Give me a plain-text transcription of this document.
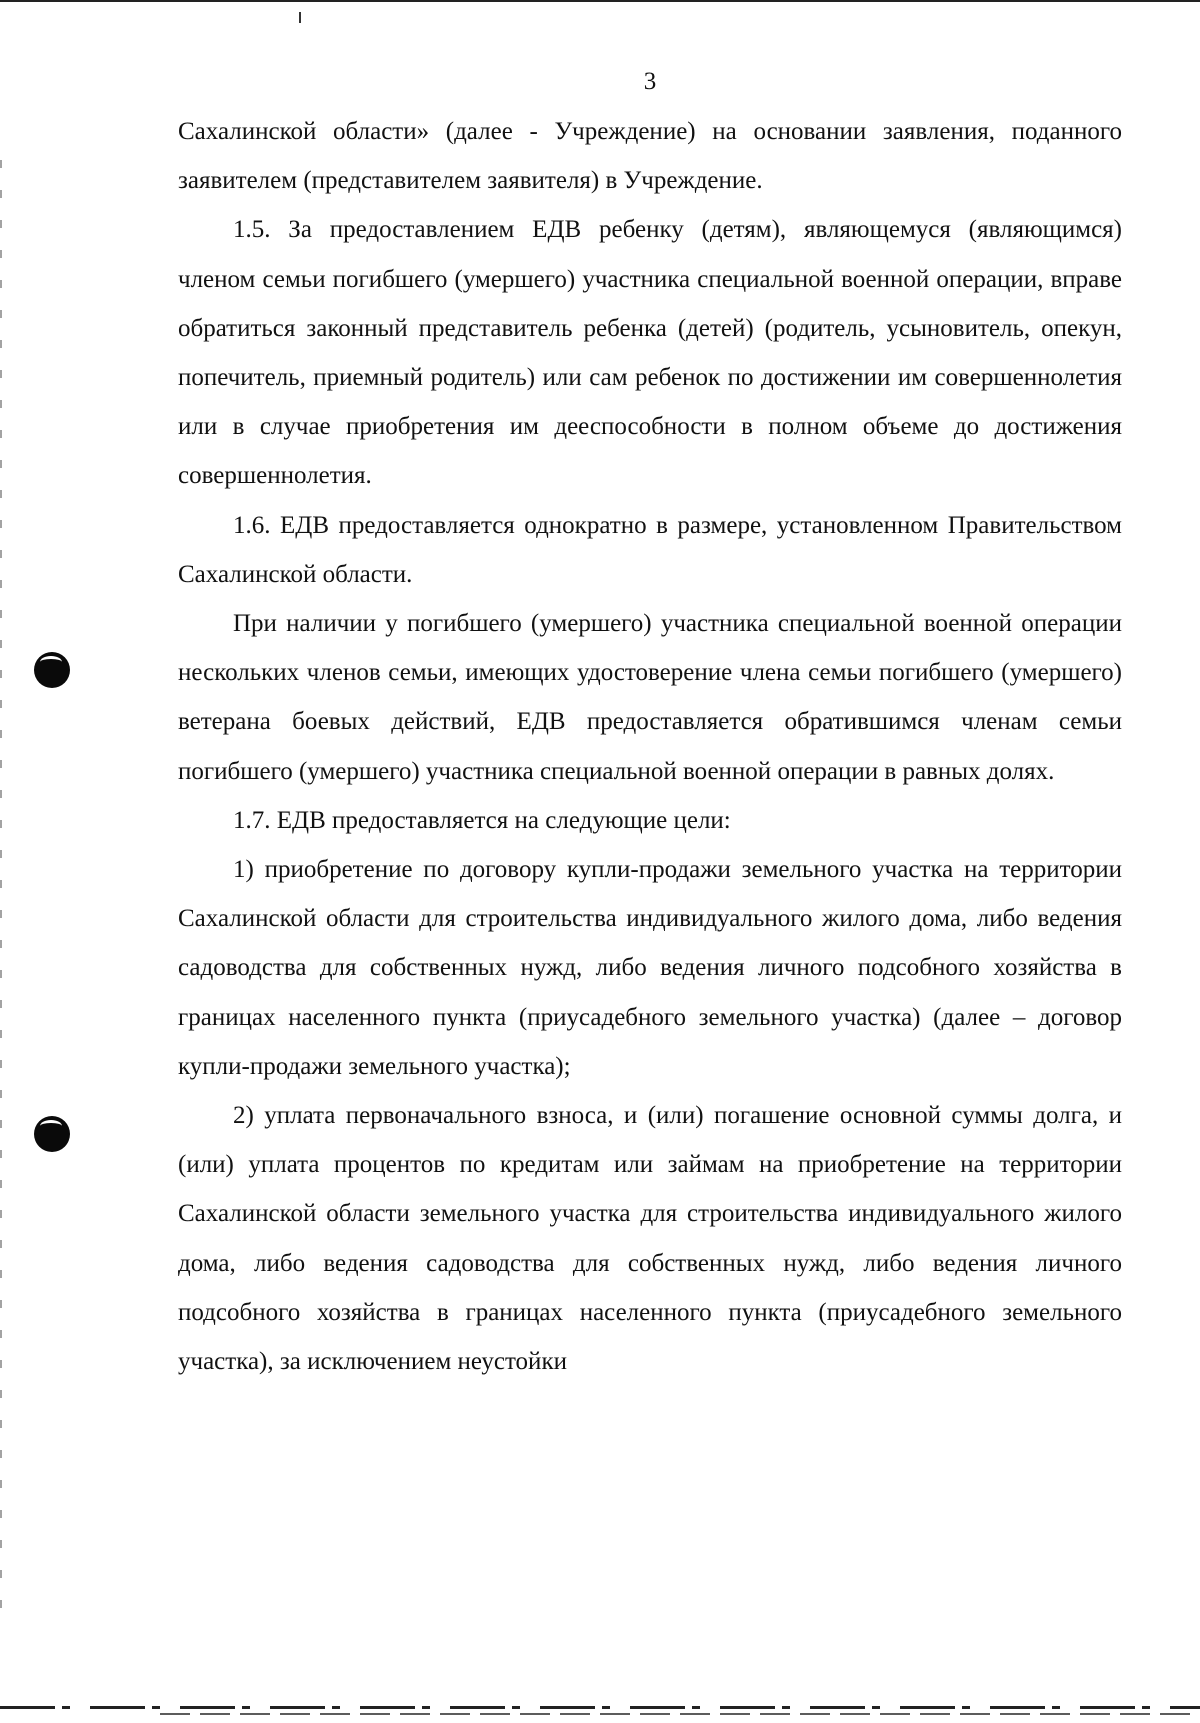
3

Сахалинской области» (далее - Учреждение) на основании заявления, поданного заявителем (представителем заявителя) в Учреждение.

1.5. За предоставлением ЕДВ ребенку (детям), являющемуся (являющимся) членом семьи погибшего (умершего) участника специальной военной операции, вправе обратиться законный представитель ребенка (детей) (родитель, усыновитель, опекун, попечитель, приемный родитель) или сам ребенок по достижении им совершеннолетия или в случае приобретения им дееспособности в полном объеме до достижения совершеннолетия.

1.6. ЕДВ предоставляется однократно в размере, установленном Правительством Сахалинской области.

При наличии у погибшего (умершего) участника специальной военной операции нескольких членов семьи, имеющих удостоверение члена семьи погибшего (умершего) ветерана боевых действий, ЕДВ предоставляется обратившимся членам семьи погибшего (умершего) участника специальной военной операции в равных долях.

1.7. ЕДВ предоставляется на следующие цели:

1) приобретение по договору купли-продажи земельного участка на территории Сахалинской области для строительства индивидуального жилого дома, либо ведения садоводства для собственных нужд, либо ведения личного подсобного хозяйства в границах населенного пункта (приусадебного земельного участка) (далее – договор купли-продажи земельного участка);

2) уплата первоначального взноса, и (или) погашение основной суммы долга, и (или) уплата процентов по кредитам или займам на приобретение на территории Сахалинской области земельного участка для строительства индивидуального жилого дома, либо ведения садоводства для собственных нужд, либо ведения личного подсобного хозяйства в границах населенного пункта (приусадебного земельного участка), за исключением неустойки
